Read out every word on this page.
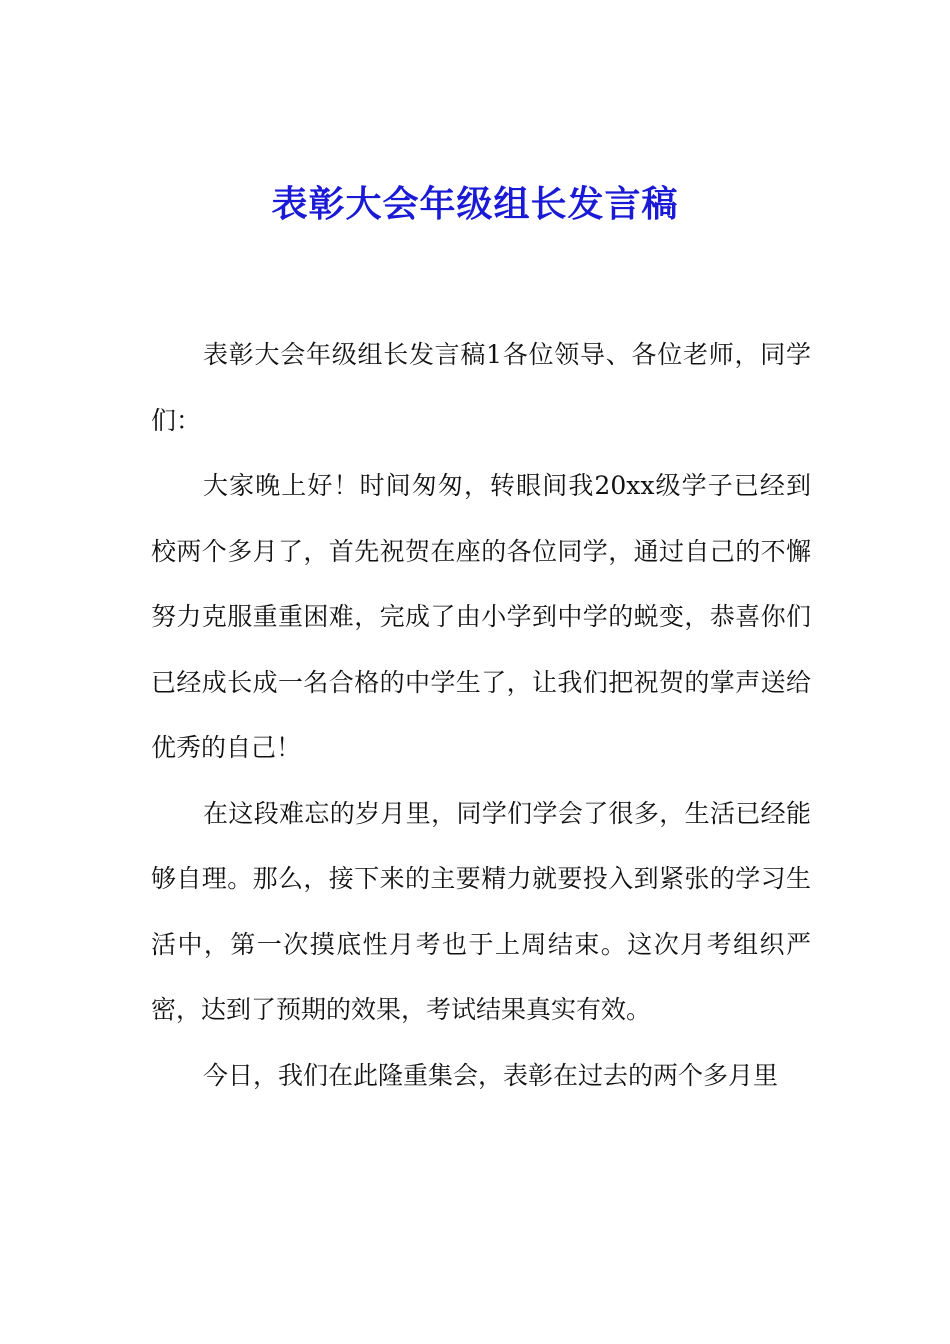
表彰大会年级组长发言稿

表彰大会年级组长发言稿1各位领导、各位老师，同学们：

大家晚上好！时间匆匆，转眼间我20xx级学子已经到校两个多月了，首先祝贺在座的各位同学，通过自己的不懈努力克服重重困难，完成了由小学到中学的蜕变，恭喜你们已经成长成一名合格的中学生了，让我们把祝贺的掌声送给优秀的自己！

在这段难忘的岁月里，同学们学会了很多，生活已经能够自理。那么，接下来的主要精力就要投入到紧张的学习生活中，第一次摸底性月考也于上周结束。这次月考组织严密，达到了预期的效果，考试结果真实有效。

今日，我们在此隆重集会，表彰在过去的两个多月里
